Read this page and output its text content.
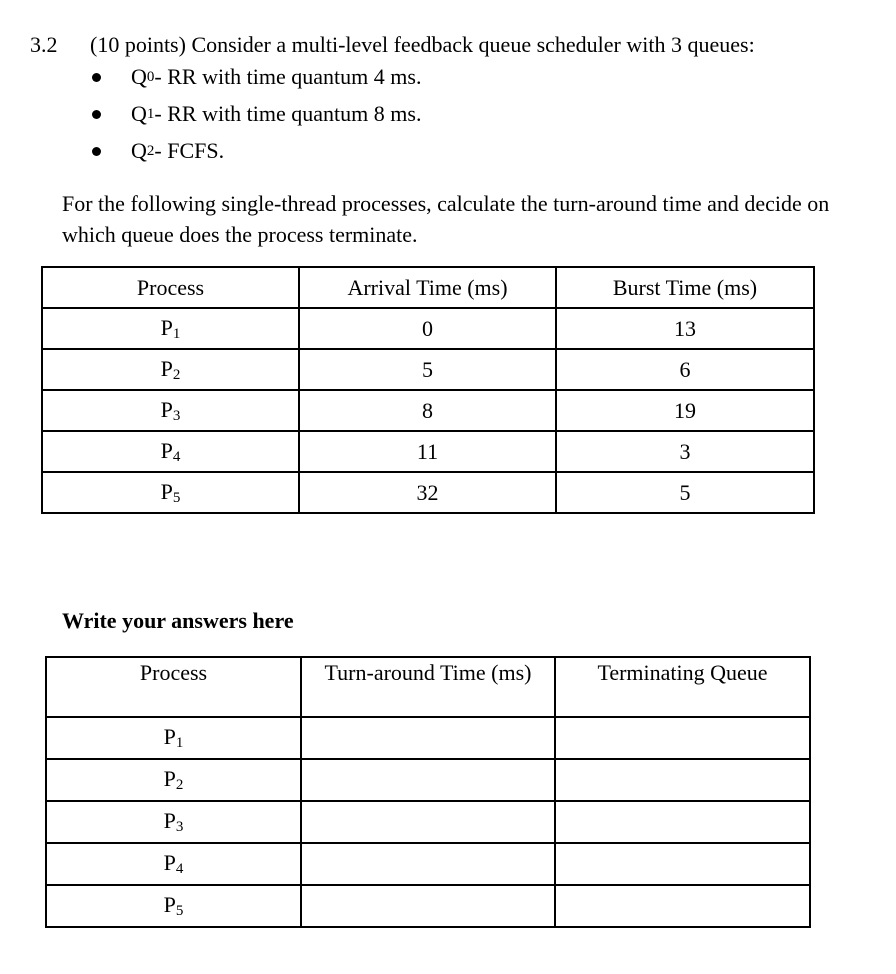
3.2 (10 points) Consider a multi-level feedback queue scheduler with 3 queues:
Q 0 - RR with time quantum 4 ms.
Q 1 - RR with time quantum 8 ms.
Q 2 - FCFS.
For the following single-thread processes, calculate the turn-around time and decide on which queue does the process terminate.
Process	Arrival Time (ms)	Burst Time (ms)
$P_1$	0	13
$P_2$	5	6
$P_3$	8	19
$P_4$	11	3
$P_5$	32	5
Write your answers here
Process	Turn-around Time (ms)	Terminating Queue
$P_1$		
$P_2$		
$P_3$		
$P_4$		
$P_5$		
